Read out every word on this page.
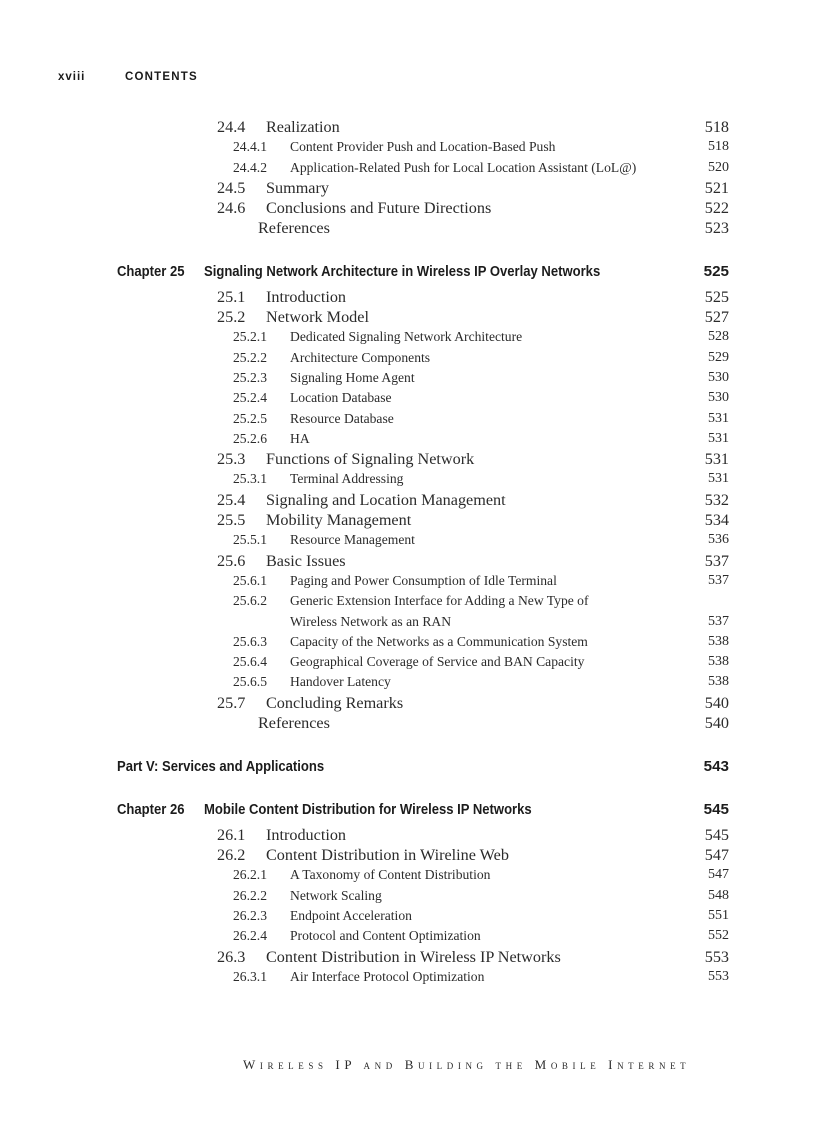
xviii	CONTENTS
24.4 Realization	518
24.4.1 Content Provider Push and Location-Based Push	518
24.4.2 Application-Related Push for Local Location Assistant (LoL@)	520
24.5 Summary	521
24.6 Conclusions and Future Directions	522
References	523
Chapter 25 Signaling Network Architecture in Wireless IP Overlay Networks	525
25.1 Introduction	525
25.2 Network Model	527
25.2.1 Dedicated Signaling Network Architecture	528
25.2.2 Architecture Components	529
25.2.3 Signaling Home Agent	530
25.2.4 Location Database	530
25.2.5 Resource Database	531
25.2.6 HA	531
25.3 Functions of Signaling Network	531
25.3.1 Terminal Addressing	531
25.4 Signaling and Location Management	532
25.5 Mobility Management	534
25.5.1 Resource Management	536
25.6 Basic Issues	537
25.6.1 Paging and Power Consumption of Idle Terminal	537
25.6.2 Generic Extension Interface for Adding a New Type of
Wireless Network as an RAN	537
25.6.3 Capacity of the Networks as a Communication System	538
25.6.4 Geographical Coverage of Service and BAN Capacity	538
25.6.5 Handover Latency	538
25.7 Concluding Remarks	540
References	540
Part V: Services and Applications	543
Chapter 26 Mobile Content Distribution for Wireless IP Networks	545
26.1 Introduction	545
26.2 Content Distribution in Wireline Web	547
26.2.1 A Taxonomy of Content Distribution	547
26.2.2 Network Scaling	548
26.2.3 Endpoint Acceleration	551
26.2.4 Protocol and Content Optimization	552
26.3 Content Distribution in Wireless IP Networks	553
26.3.1 Air Interface Protocol Optimization	553
Wireless IP and Building the Mobile Internet
